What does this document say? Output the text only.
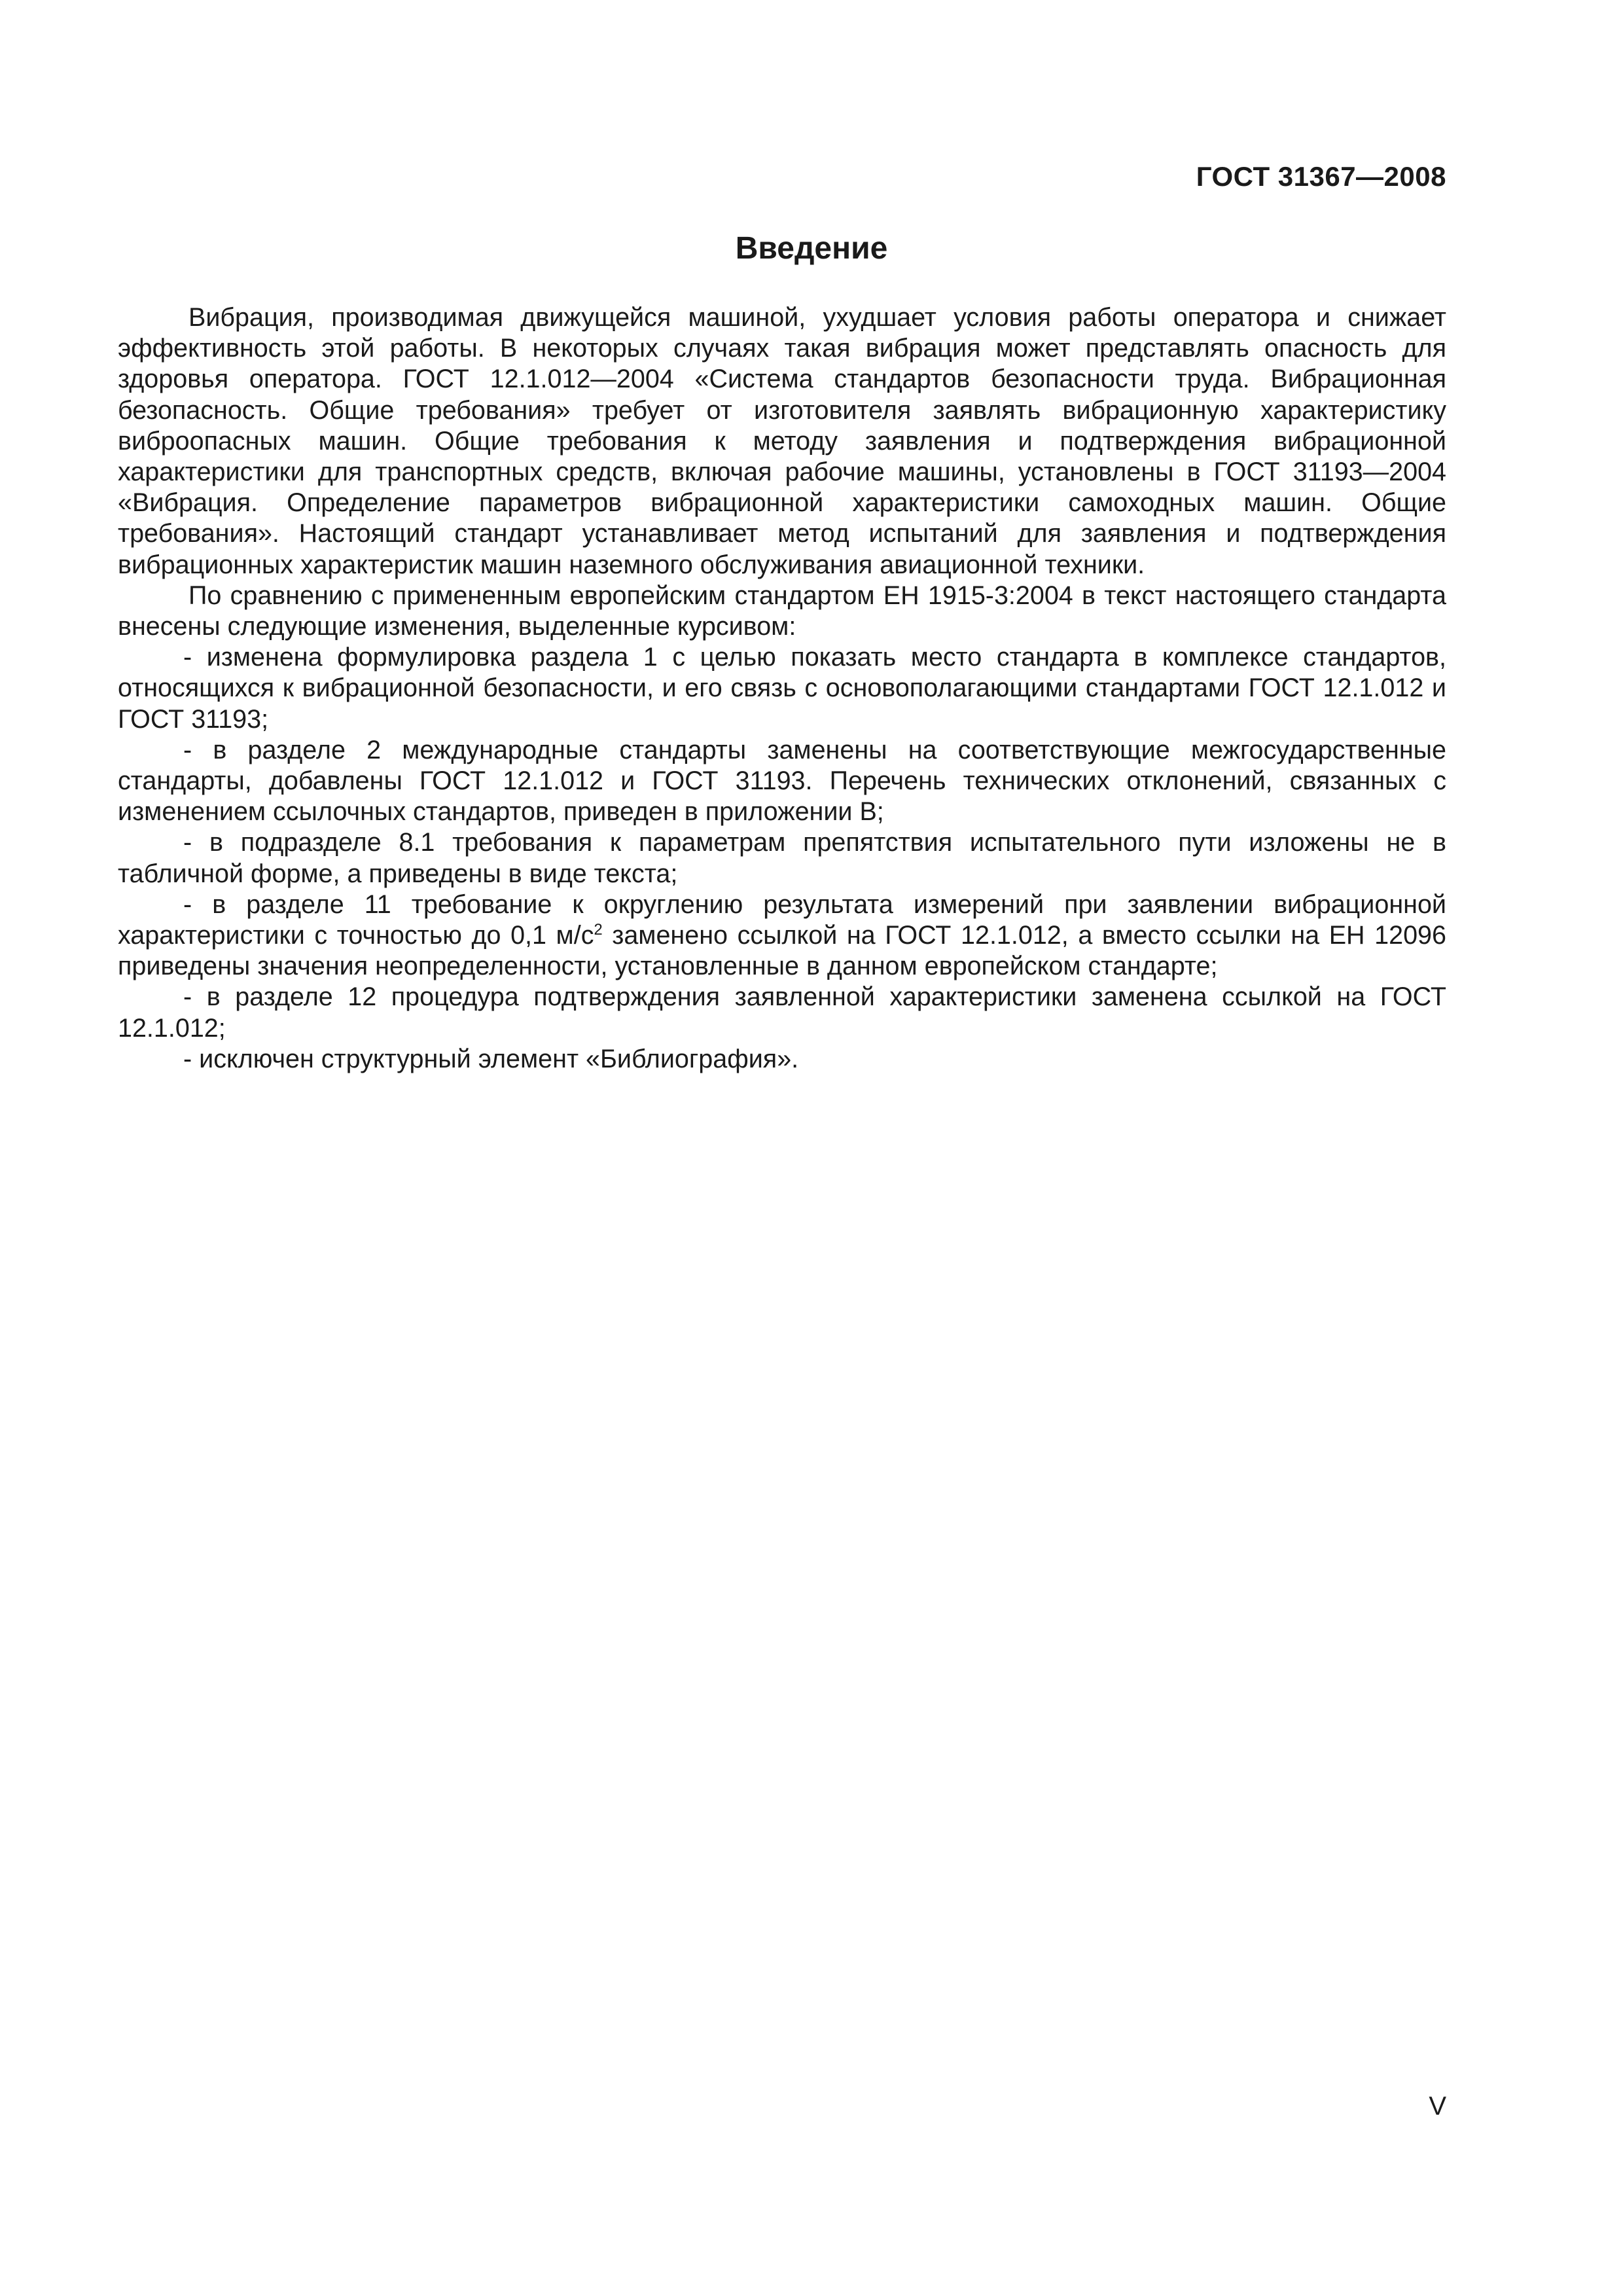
ГОСТ 31367—2008
Введение

Вибрация, производимая движущейся машиной, ухудшает условия работы оператора и снижает эффективность этой работы. В некоторых случаях такая вибрация может представлять опасность для здоровья оператора. ГОСТ 12.1.012—2004 «Система стандартов безопасности труда. Вибрационная безопасность. Общие требования» требует от изготовителя заявлять вибрационную характеристику виброопасных машин. Общие требования к методу заявления и подтверждения вибрационной характеристики для транспортных средств, включая рабочие машины, установлены в ГОСТ 31193—2004 «Вибрация. Определение параметров вибрационной характеристики самоходных машин. Общие требования». Настоящий стандарт устанавливает метод испытаний для заявления и подтверждения вибрационных характеристик машин наземного обслуживания авиационной техники.

По сравнению с примененным европейским стандартом ЕН 1915-3:2004 в текст настоящего стандарта внесены следующие изменения, выделенные курсивом:

- изменена формулировка раздела 1 с целью показать место стандарта в комплексе стандартов, относящихся к вибрационной безопасности, и его связь с основополагающими стандартами ГОСТ 12.1.012 и ГОСТ 31193;

- в разделе 2 международные стандарты заменены на соответствующие межгосударственные стандарты, добавлены ГОСТ 12.1.012 и ГОСТ 31193. Перечень технических отклонений, связанных с изменением ссылочных стандартов, приведен в приложении В;

- в подразделе 8.1 требования к параметрам препятствия испытательного пути изложены не в табличной форме, а приведены в виде текста;

- в разделе 11 требование к округлению результата измерений при заявлении вибрационной характеристики с точностью до 0,1 $м/с^2$ заменено ссылкой на ГОСТ 12.1.012, а вместо ссылки на ЕН 12096 приведены значения неопределенности, установленные в данном европейском стандарте;

- в разделе 12 процедура подтверждения заявленной характеристики заменена ссылкой на ГОСТ 12.1.012;

- исключен структурный элемент «Библиография».

V
